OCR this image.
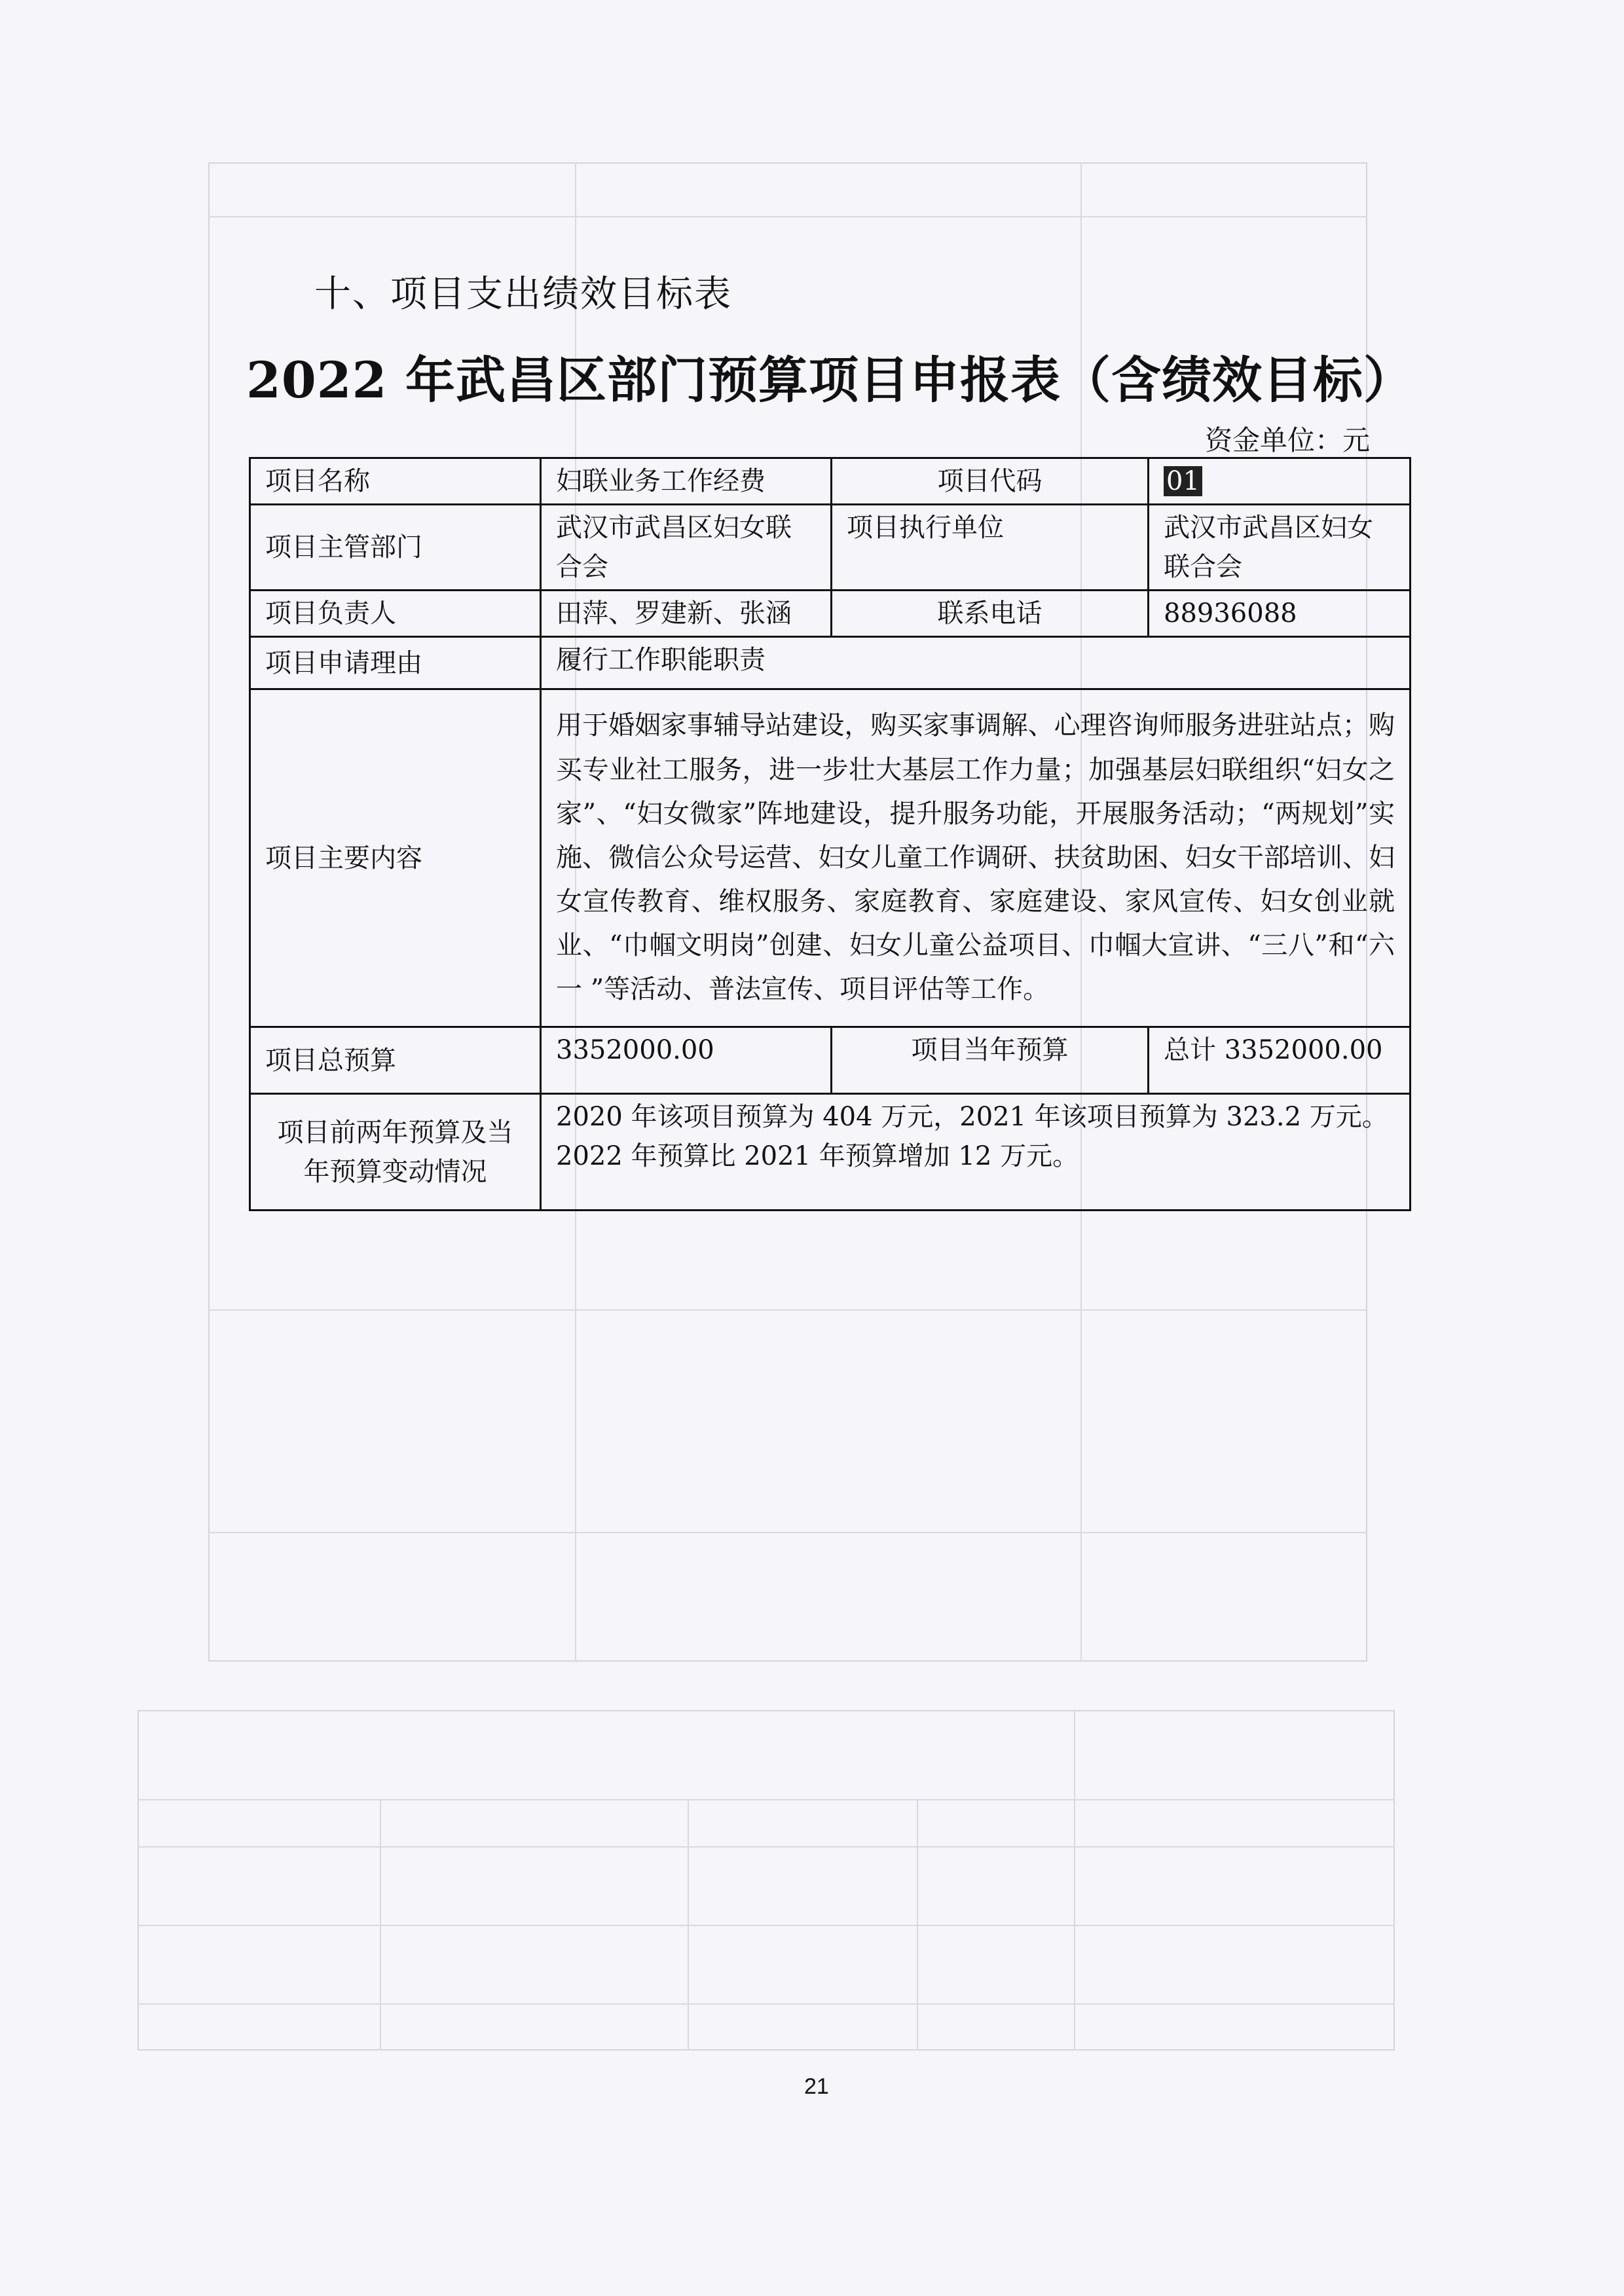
十、项目支出绩效目标表
2022 年武昌区部门预算项目申报表（含绩效目标）
资金单位：元
项目名称	妇联业务工作经费	项目代码	01
项目主管部门	武汉市武昌区妇女联合会	项目执行单位	武汉市武昌区妇女联合会
项目负责人	田萍、罗建新、张涵	联系电话	88936088
项目申请理由	履行工作职能职责		
项目主要内容	用于婚姻家事辅导站建设，购买家事调解、心理咨询师服务进驻站点；购买专业社工服务，进一步壮大基层工作力量；加强基层妇联组织“妇女之家”、“妇女微家”阵地建设，提升服务功能，开展服务活动；“两规划”实施、微信公众号运营、妇女儿童工作调研、扶贫助困、妇女干部培训、妇女宣传教育、维权服务、家庭教育、家庭建设、家风宣传、妇女创业就业、“巾帼文明岗”创建、妇女儿童公益项目、巾帼大宣讲、“三八”和“六一 ”等活动、普法宣传、项目评估等工作。		
项目总预算	3352000.00	项目当年预算	总计 3352000.00
项目前两年预算及当年预算变动情况	2020 年该项目预算为 404 万元，2021 年该项目预算为 323.2 万元。2022 年预算比 2021 年预算增加 12 万元。		
21
